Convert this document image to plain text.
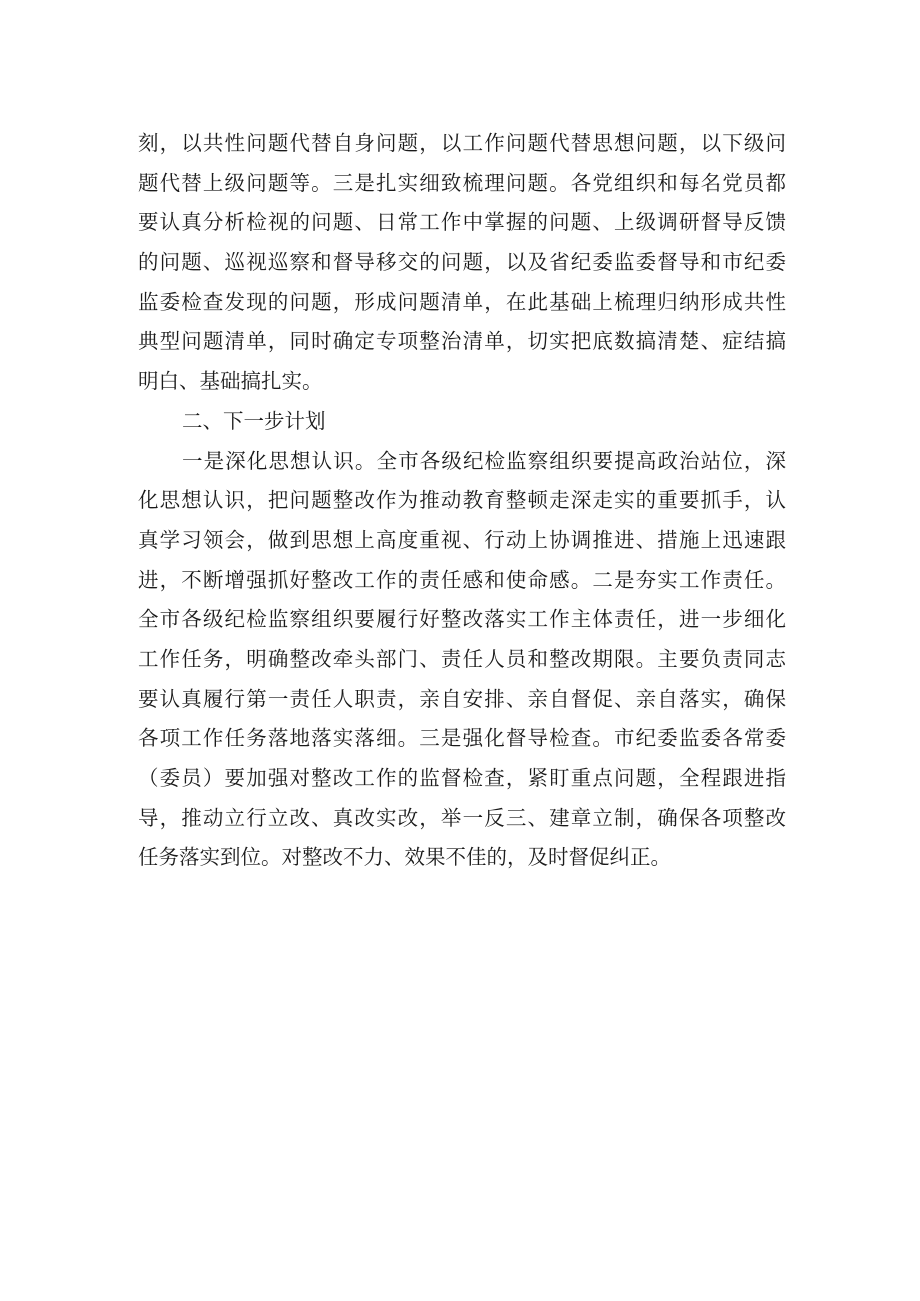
刻，以共性问题代替自身问题，以工作问题代替思想问题，以下级问
题代替上级问题等。三是扎实细致梳理问题。各党组织和每名党员都
要认真分析检视的问题、日常工作中掌握的问题、上级调研督导反馈
的问题、巡视巡察和督导移交的问题，以及省纪委监委督导和市纪委
监委检查发现的问题，形成问题清单，在此基础上梳理归纳形成共性
典型问题清单，同时确定专项整治清单，切实把底数搞清楚、症结搞
明白、基础搞扎实。
二、下一步计划
一是深化思想认识。全市各级纪检监察组织要提高政治站位，深
化思想认识，把问题整改作为推动教育整顿走深走实的重要抓手，认
真学习领会，做到思想上高度重视、行动上协调推进、措施上迅速跟
进，不断增强抓好整改工作的责任感和使命感。二是夯实工作责任。
全市各级纪检监察组织要履行好整改落实工作主体责任，进一步细化
工作任务，明确整改牵头部门、责任人员和整改期限。主要负责同志
要认真履行第一责任人职责，亲自安排、亲自督促、亲自落实，确保
各项工作任务落地落实落细。三是强化督导检查。市纪委监委各常委
（委员）要加强对整改工作的监督检查，紧盯重点问题，全程跟进指
导，推动立行立改、真改实改，举一反三、建章立制，确保各项整改
任务落实到位。对整改不力、效果不佳的，及时督促纠正。
